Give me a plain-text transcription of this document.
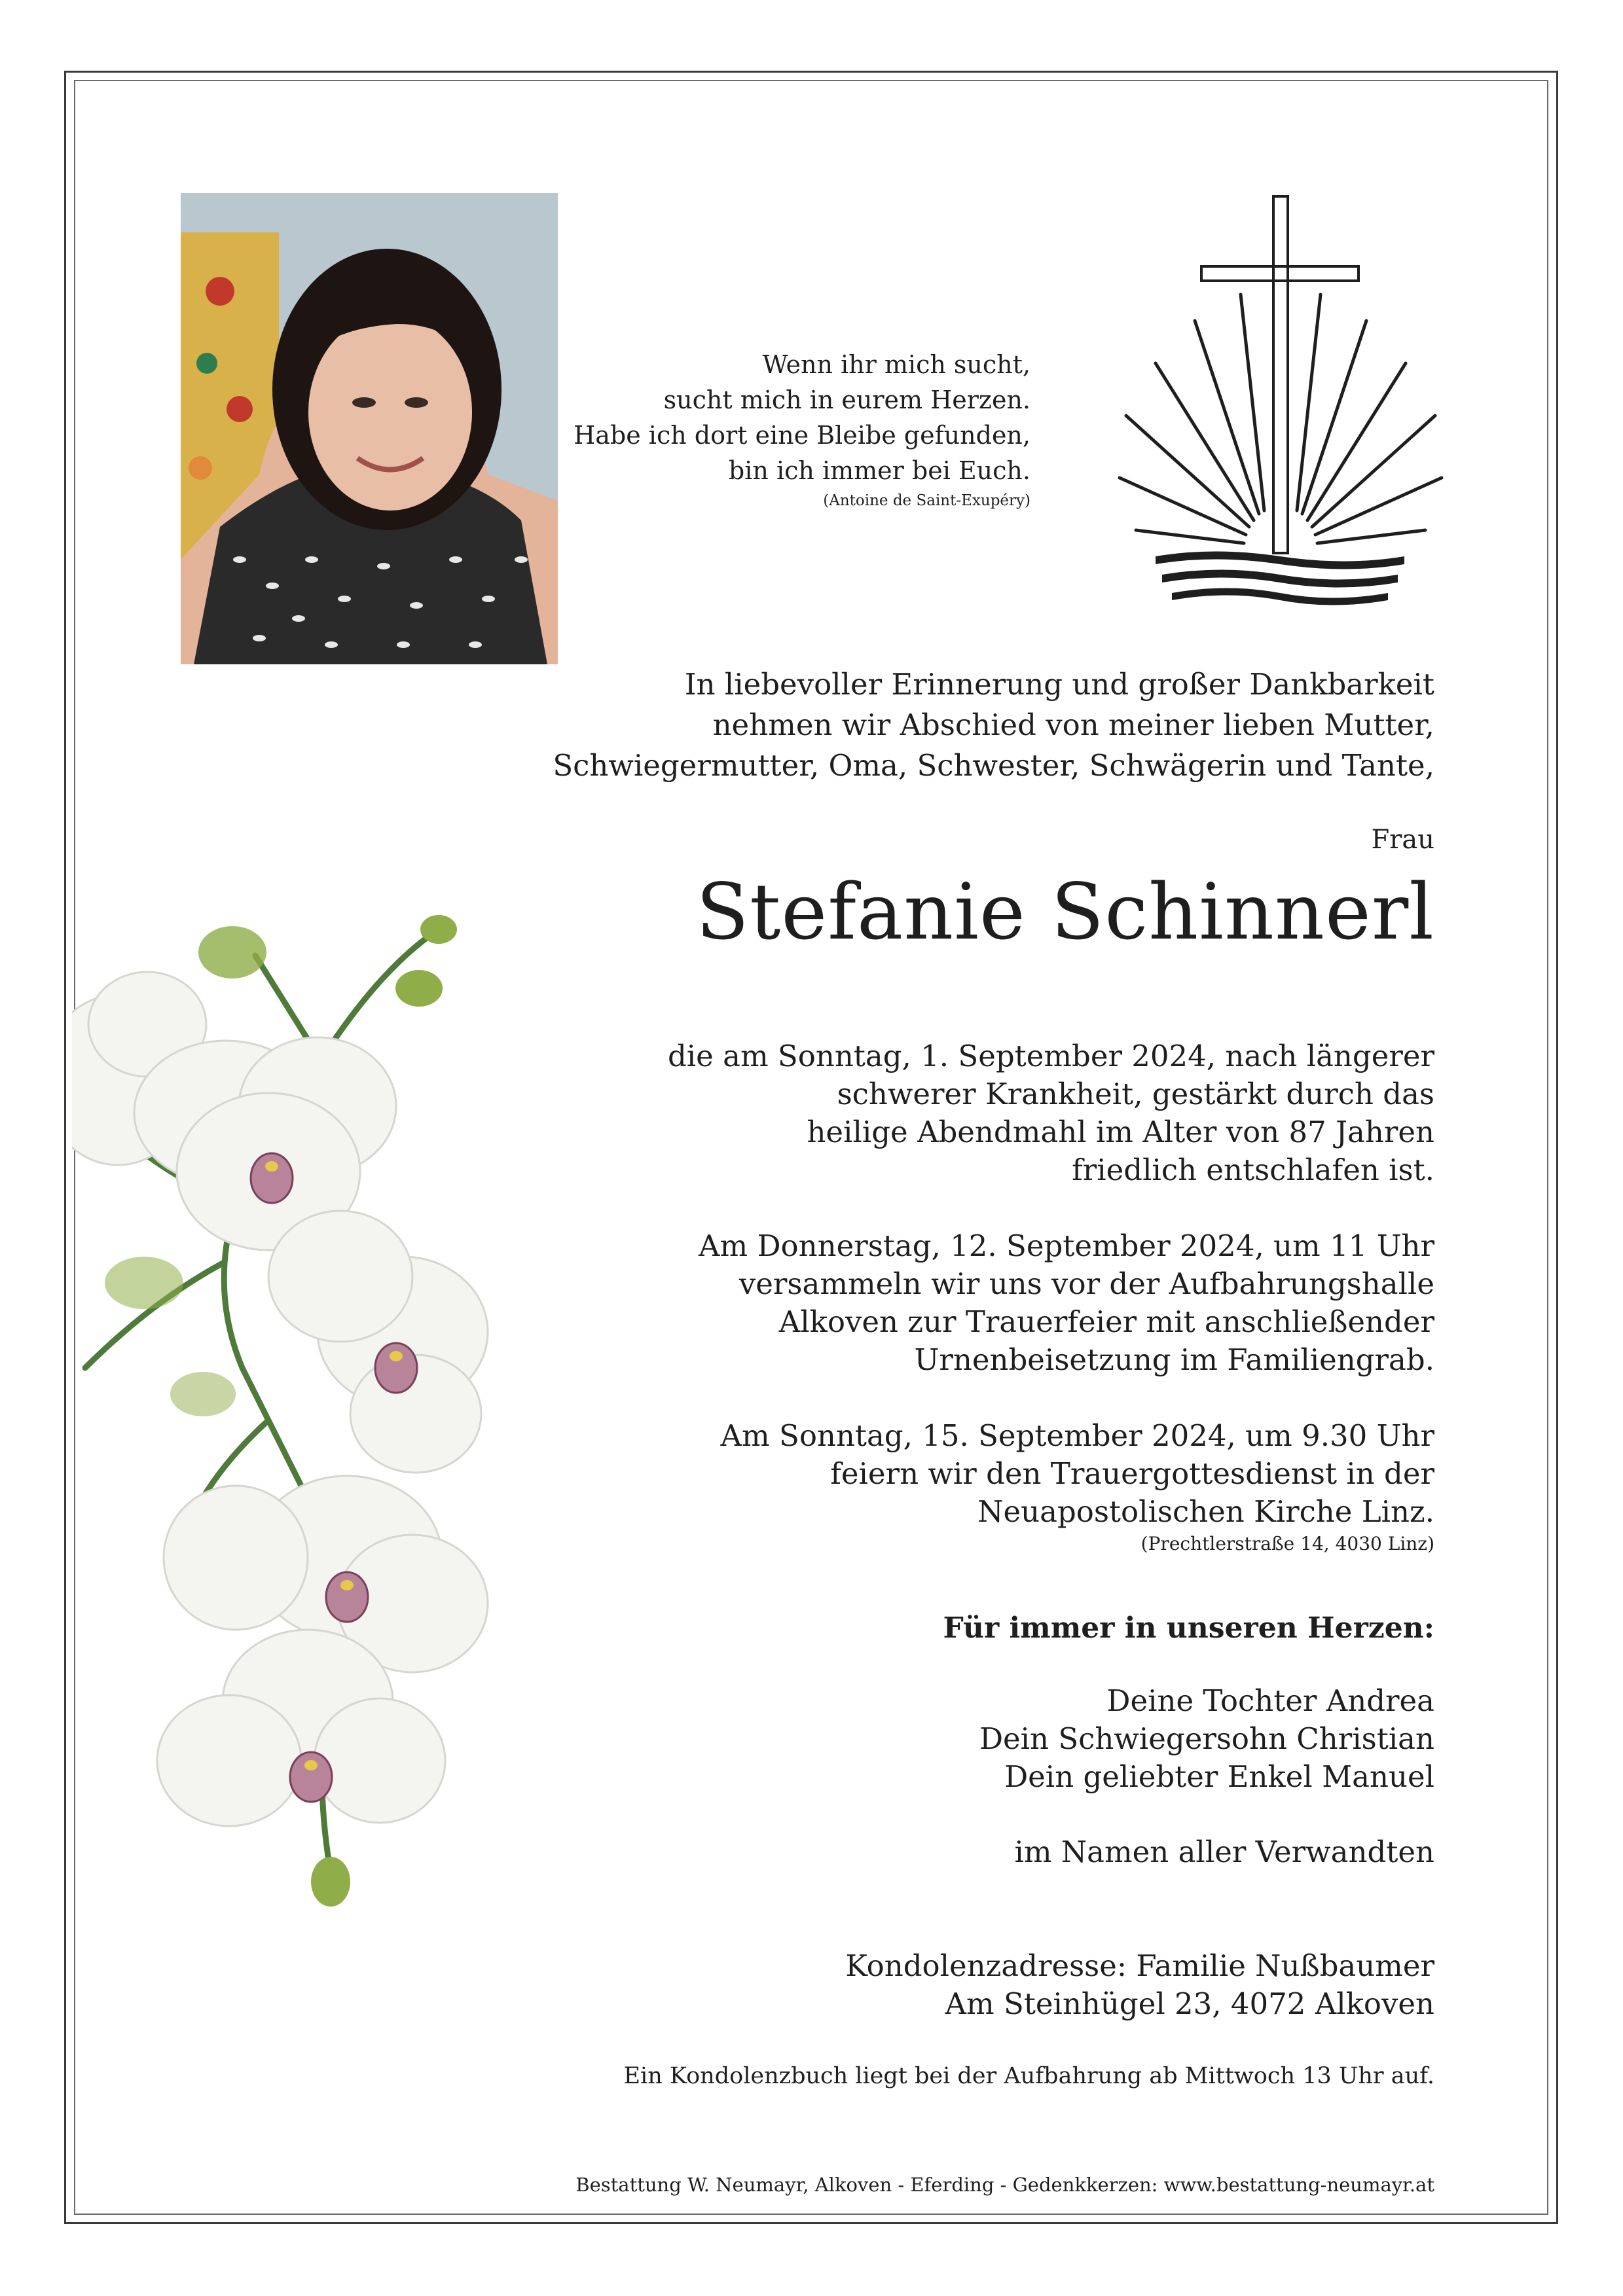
Wenn ihr mich sucht,
sucht mich in eurem Herzen.
Habe ich dort eine Bleibe gefunden,
bin ich immer bei Euch.
(Antoine de Saint-Exupéry)
In liebevoller Erinnerung und großer Dankbarkeit
nehmen wir Abschied von meiner lieben Mutter,
Schwiegermutter, Oma, Schwester, Schwägerin und Tante,
Frau
Stefanie Schinnerl
die am Sonntag, 1. September 2024, nach längerer
schwerer Krankheit, gestärkt durch das
heilige Abendmahl im Alter von 87 Jahren
friedlich entschlafen ist.
Am Donnerstag, 12. September 2024, um 11 Uhr
versammeln wir uns vor der Aufbahrungshalle
Alkoven zur Trauerfeier mit anschließender
Urnenbeisetzung im Familiengrab.
Am Sonntag, 15. September 2024, um 9.30 Uhr
feiern wir den Trauergottesdienst in der
Neuapostolischen Kirche Linz.
(Prechtlerstraße 14, 4030 Linz)
Für immer in unseren Herzen:
Deine Tochter Andrea
Dein Schwiegersohn Christian
Dein geliebter Enkel Manuel
im Namen aller Verwandten
Kondolenzadresse: Familie Nußbaumer
Am Steinhügel 23, 4072 Alkoven
Ein Kondolenzbuch liegt bei der Aufbahrung ab Mittwoch 13 Uhr auf.
Bestattung W. Neumayr, Alkoven - Eferding - Gedenkkerzen: www.bestattung-neumayr.at
